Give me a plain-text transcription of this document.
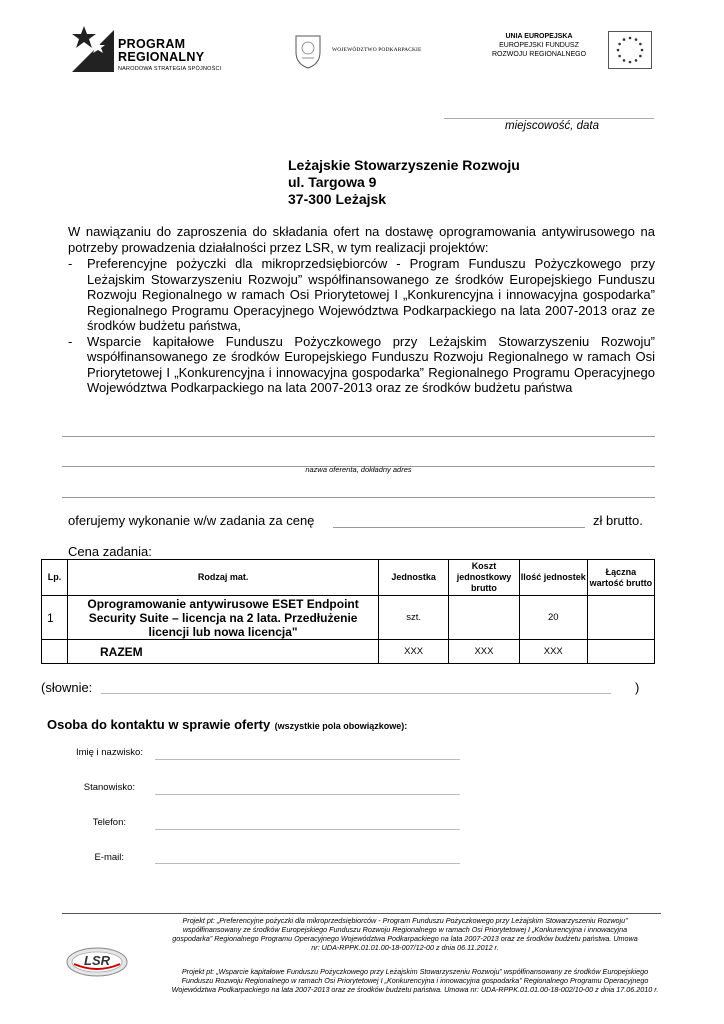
PROGRAM
REGIONALNY
NARODOWA STRATEGIA SPÓJNOŚCI
WOJEWÓDZTWO PODKARPACKIE
UNIA EUROPEJSKA
EUROPEJSKI FUNDUSZ
ROZWOJU REGIONALNEGO
miejscowość, data
Leżajskie Stowarzyszenie Rozwoju
ul. Targowa 9
37-300 Leżajsk
W nawiązaniu do zaproszenia do składania ofert na dostawę oprogramowania antywirusowego na potrzeby prowadzenia działalności przez LSR, w tym realizacji projektów:
- Preferencyjne pożyczki dla mikroprzedsiębiorców - Program Funduszu Pożyczkowego przy Leżajskim Stowarzyszeniu Rozwoju” współfinansowanego ze środków Europejskiego Funduszu Rozwoju Regionalnego w ramach Osi Priorytetowej I „Konkurencyjna i innowacyjna gospodarka” Regionalnego Programu Operacyjnego Województwa Podkarpackiego na lata 2007-2013 oraz ze środków budżetu państwa,
- Wsparcie kapitałowe Funduszu Pożyczkowego przy Leżajskim Stowarzyszeniu Rozwoju” współfinansowanego ze środków Europejskiego Funduszu Rozwoju Regionalnego w ramach Osi Priorytetowej I „Konkurencyjna i innowacyjna gospodarka” Regionalnego Programu Operacyjnego Województwa Podkarpackiego na lata 2007-2013 oraz ze środków budżetu państwa
nazwa oferenta, dokładny adres
oferujemy wykonanie w/w zadania za cenę	zł brutto.
Cena zadania:
Lp.	Rodzaj mat.	Jednostka	Koszt jednostkowy brutto	Ilość jednostek	Łączna wartość brutto
1	Oprogramowanie antywirusowe ESET Endpoint Security Suite – licencja na 2 lata. Przedłużenie licencji lub nowa licencja"	szt.		20	
	RAZEM	XXX	XXX	XXX	
(słownie:	)
Osoba do kontaktu w sprawie oferty (wszystkie pola obowiązkowe):
Imię i nazwisko:
Stanowisko:
Telefon:
E-mail:
LSR
Projekt pt: „Preferencyjne pożyczki dla mikroprzedsiębiorców - Program Funduszu Pożyczkowego przy Leżajskim Stowarzyszeniu Rozwoju” współfinansowany ze środków Europejskiego Funduszu Rozwoju Regionalnego w ramach Osi Priorytetowej I „Konkurencyjna i innowacyjna gospodarka” Regionalnego Programu Operacyjnego Województwa Podkarpackiego na lata 2007-2013 oraz ze środków budżetu państwa. Umowa nr: UDA-RPPK.01.01.00-18-007/12-00 z dnia 06.11.2012 r.
Projekt pt: „Wsparcie kapitałowe Funduszu Pożyczkowego przy Leżajskim Stowarzyszeniu Rozwoju” współfinansowany ze środków Europejskiego Funduszu Rozwoju Regionalnego w ramach Osi Priorytetowej I „Konkurencyjna i innowacyjna gospodarka” Regionalnego Programu Operacyjnego Województwa Podkarpackiego na lata 2007-2013 oraz ze środków budżetu państwa. Umowa nr: UDA-RPPK.01.01.00-18-002/10-00 z dnia 17.06.2010 r.
